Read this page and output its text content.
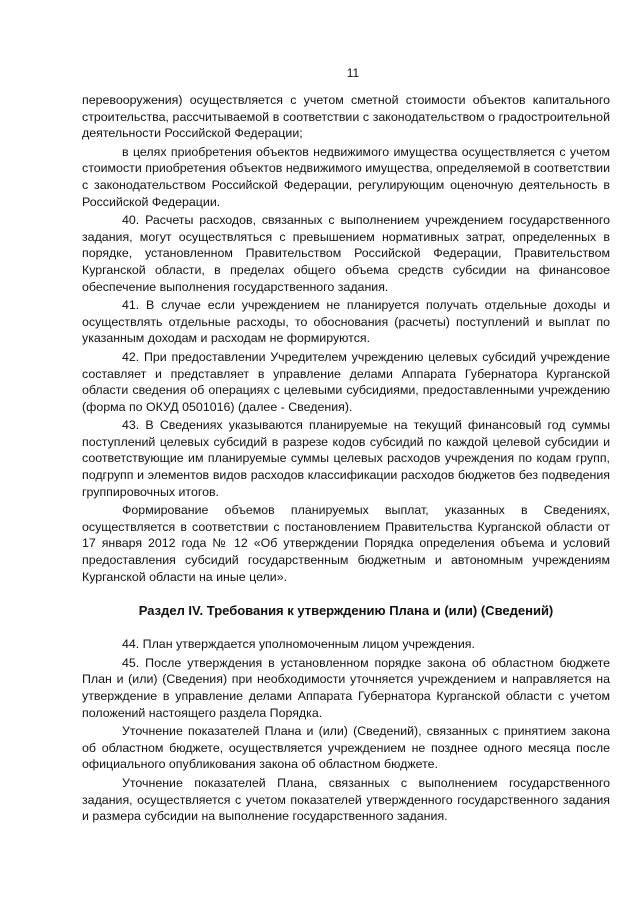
11

перевооружения) осуществляется с учетом сметной стоимости объектов капитального строительства, рассчитываемой в соответствии с законодательством о градостроительной деятельности Российской Федерации;

в целях приобретения объектов недвижимого имущества осуществляется с учетом стоимости приобретения объектов недвижимого имущества, определяемой в соответствии с законодательством Российской Федерации, регулирующим оценочную деятельность в Российской Федерации.

40. Расчеты расходов, связанных с выполнением учреждением государственного задания, могут осуществляться с превышением нормативных затрат, определенных в порядке, установленном Правительством Российской Федерации, Правительством Курганской области, в пределах общего объема средств субсидии на финансовое обеспечение выполнения государственного задания.

41. В случае если учреждением не планируется получать отдельные доходы и осуществлять отдельные расходы, то обоснования (расчеты) поступлений и выплат по указанным доходам и расходам не формируются.

42. При предоставлении Учредителем учреждению целевых субсидий учреждение составляет и представляет в управление делами Аппарата Губернатора Курганской области сведения об операциях с целевыми субсидиями, предоставленными учреждению (форма по ОКУД 0501016) (далее - Сведения).

43. В Сведениях указываются планируемые на текущий финансовый год суммы поступлений целевых субсидий в разрезе кодов субсидий по каждой целевой субсидии и соответствующие им планируемые суммы целевых расходов учреждения по кодам групп, подгрупп и элементов видов расходов классификации расходов бюджетов без подведения группировочных итогов.

Формирование объемов планируемых выплат, указанных в Сведениях, осуществляется в соответствии с постановлением Правительства Курганской области от 17 января 2012 года № 12 «Об утверждении Порядка определения объема и условий предоставления субсидий государственным бюджетным и автономным учреждениям Курганской области на иные цели».

Раздел IV. Требования к утверждению Плана и (или) (Сведений)

44. План утверждается уполномоченным лицом учреждения.

45. После утверждения в установленном порядке закона об областном бюджете План и (или) (Сведения) при необходимости уточняется учреждением и направляется на утверждение в управление делами Аппарата Губернатора Курганской области с учетом положений настоящего раздела Порядка.

Уточнение показателей Плана и (или) (Сведений), связанных с принятием закона об областном бюджете, осуществляется учреждением не позднее одного месяца после официального опубликования закона об областном бюджете.

Уточнение показателей Плана, связанных с выполнением государственного задания, осуществляется с учетом показателей утвержденного государственного задания и размера субсидии на выполнение государственного задания.
